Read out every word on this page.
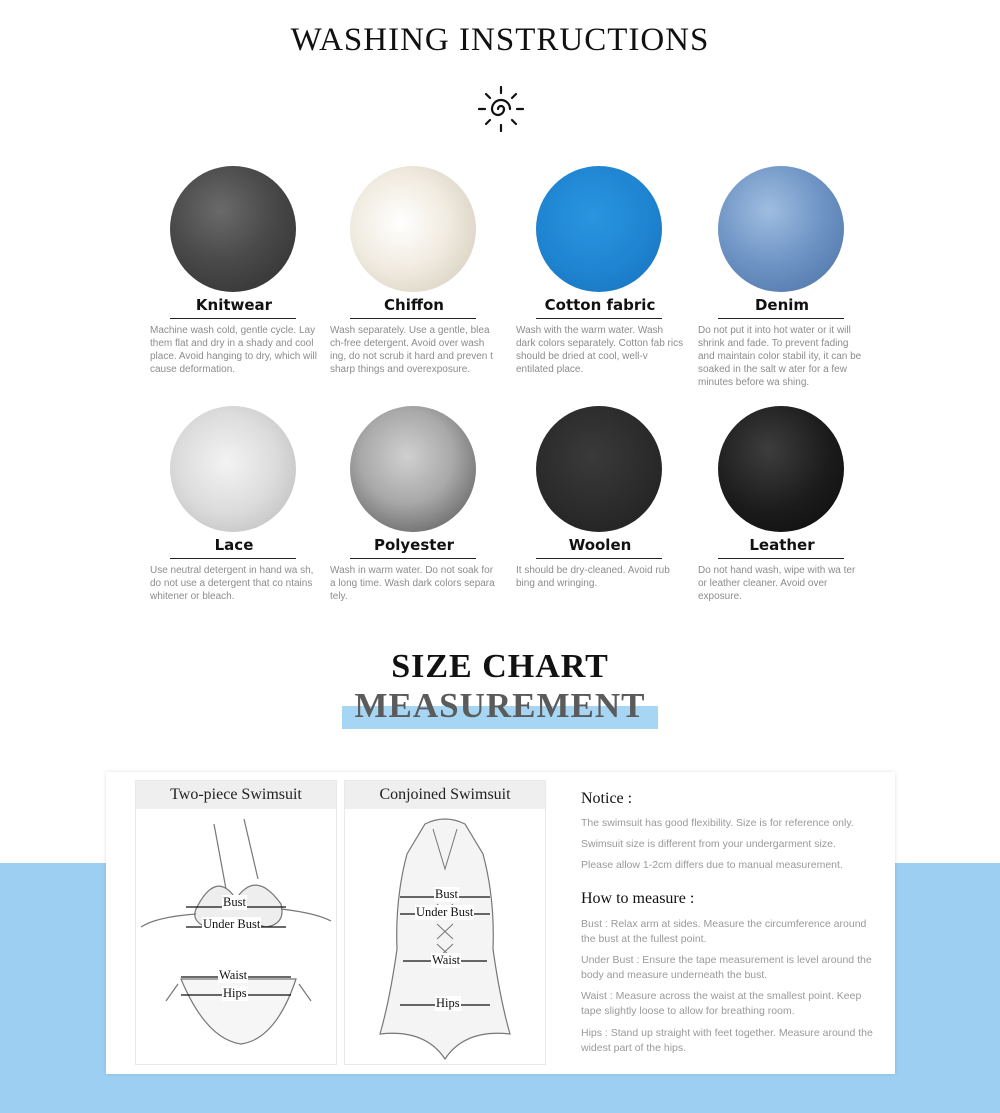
WASHING INSTRUCTIONS
Knitwear
Machine wash cold, gentle cycle. Lay them flat and dry in a shady and cool place. Avoid hanging to dry, which will cause deformation.
Chiffon
Wash separately. Use a gentle, blea ch-free detergent. Avoid over wash ing, do not scrub it hard and preven t sharp things and overexposure.
Cotton fabric
Wash with the warm water. Wash dark colors separately. Cotton fab rics should be dried at cool, well-v entilated place.
Denim
Do not put it into hot water or it will shrink and fade. To prevent fading and maintain color stabil ity, it can be soaked in the salt w ater for a few minutes before wa shing.
Lace
Use neutral detergent in hand wa sh, do not use a detergent that co ntains whitener or bleach.
Polyester
Wash in warm water. Do not soak for a long time. Wash dark colors separa tely.
Woolen
It should be dry-cleaned. Avoid rub bing and wringing.
Leather
Do not hand wash, wipe with wa ter or leather cleaner. Avoid over exposure.
SIZE CHART
MEASUREMENT
Two-piece Swimsuit
Bust
Under Bust
Waist
Hips
Conjoined Swimsuit
Bust
Under Bust
Waist
Hips
Notice :
The swimsuit has good flexibility. Size is for reference only.
Swimsuit size is different from your undergarment size.
Please allow 1-2cm differs due to manual measurement.
How to measure :
Bust : Relax arm at sides. Measure the circumference around the bust at the fullest point.
Under Bust : Ensure the tape measurement is level around the body and measure underneath the bust.
Waist : Measure across the waist at the smallest point. Keep tape slightly loose to allow for breathing room.
Hips : Stand up straight with feet together. Measure around the widest part of the hips.
